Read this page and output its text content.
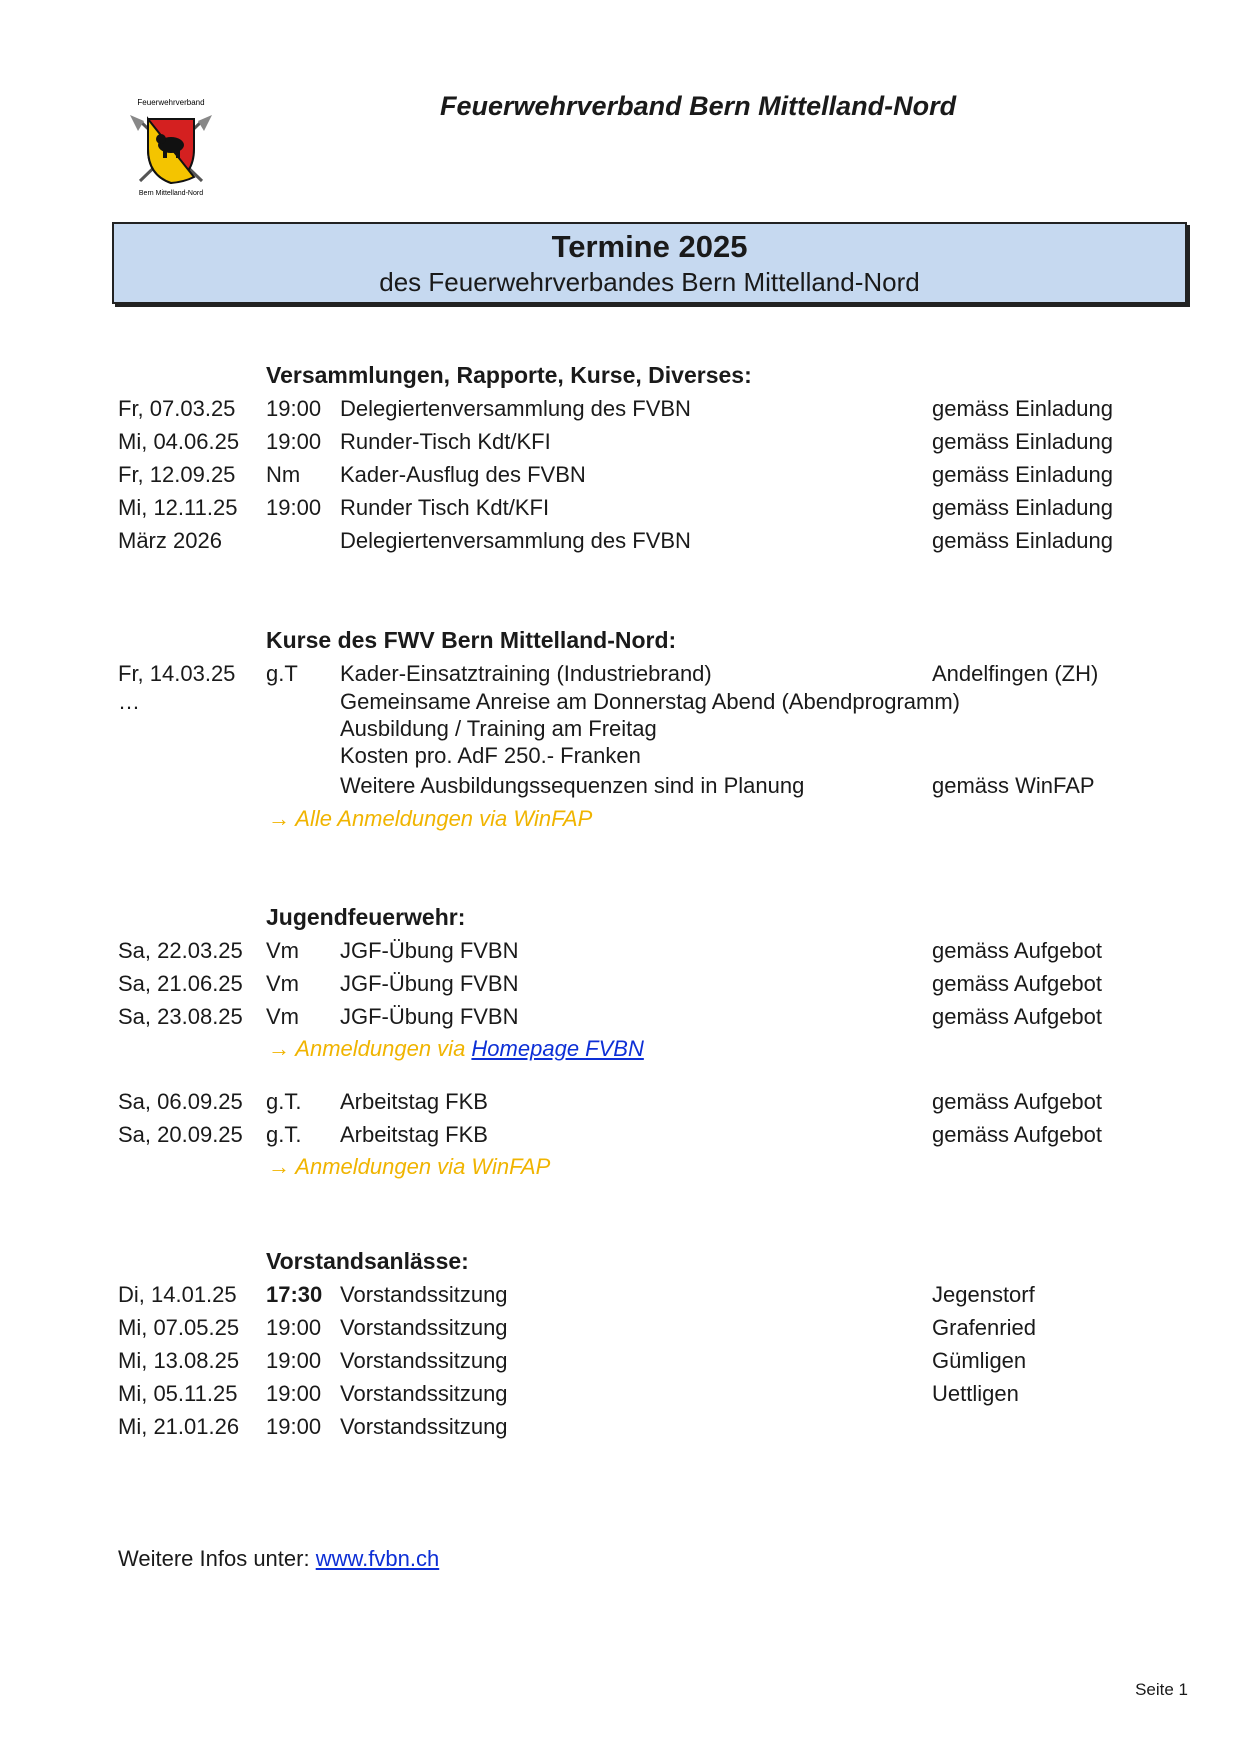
Feuerwehrverband
Bern Mittelland-Nord
Feuerwehrverband Bern Mittelland-Nord
Termine 2025
des Feuerwehrverbandes Bern Mittelland-Nord
Versammlungen, Rapporte, Kurse, Diverses:
Fr, 07.03.25 19:00 Delegiertenversammlung des FVBN	gemäss Einladung
Mi, 04.06.25 19:00 Runder-Tisch Kdt/KFI	gemäss Einladung
Fr, 12.09.25 Nm Kader-Ausflug des FVBN	gemäss Einladung
Mi, 12.11.25 19:00 Runder Tisch Kdt/KFI	gemäss Einladung
März 2026	Delegiertenversammlung des FVBN	gemäss Einladung
Kurse des FWV Bern Mittelland-Nord:
Fr, 14.03.25 g.T Kader-Einsatztraining (Industriebrand)	Andelfingen (ZH)
…	Gemeinsame Anreise am Donnerstag Abend (Abendprogramm)
Ausbildung / Training am Freitag
Kosten pro. AdF 250.- Franken
Weitere Ausbildungssequenzen sind in Planung	gemäss WinFAP
→ Alle Anmeldungen via WinFAP
Jugendfeuerwehr:
Sa, 22.03.25 Vm JGF-Übung FVBN	gemäss Aufgebot
Sa, 21.06.25 Vm JGF-Übung FVBN	gemäss Aufgebot
Sa, 23.08.25 Vm JGF-Übung FVBN	gemäss Aufgebot
→ Anmeldungen via Homepage FVBN
Sa, 06.09.25 g.T. Arbeitstag FKB	gemäss Aufgebot
Sa, 20.09.25 g.T. Arbeitstag FKB	gemäss Aufgebot
→ Anmeldungen via WinFAP
Vorstandsanlässe:
Di, 14.01.25 17:30 Vorstandssitzung	Jegenstorf
Mi, 07.05.25 19:00 Vorstandssitzung	Grafenried
Mi, 13.08.25 19:00 Vorstandssitzung	Gümligen
Mi, 05.11.25 19:00 Vorstandssitzung	Uettligen
Mi, 21.01.26 19:00 Vorstandssitzung
Weitere Infos unter: www.fvbn.ch
Seite 1
